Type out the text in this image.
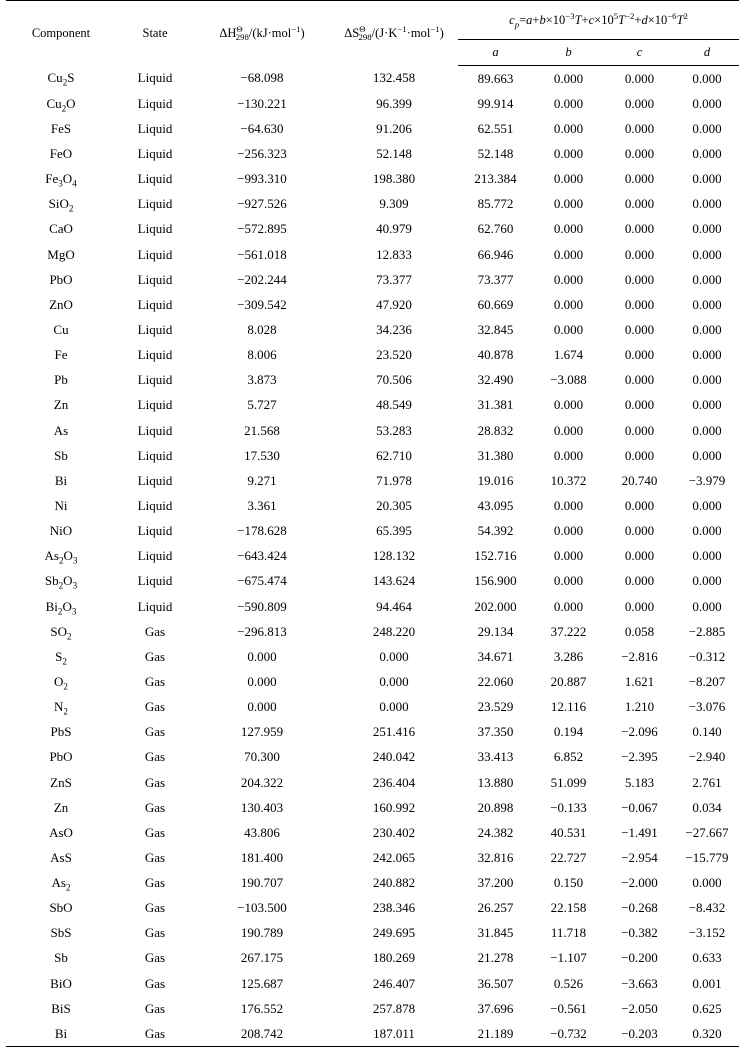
Component	State	$\Delta H^\Theta_{298}/(kJ\cdot mol^{-1})$	$\Delta S^\Theta_{298}/(J\cdot K^{-1}\cdot mol^{-1})$	$c_p=a+b\times 10^{-3}T+c\times 10^5T^{-2}+d\times 10^{-6}T^2$
				a	b	c	d
$Cu_2S$	Liquid	−68.098	132.458	89.663	0.000	0.000	0.000
$Cu_2O$	Liquid	−130.221	96.399	99.914	0.000	0.000	0.000
FeS	Liquid	−64.630	91.206	62.551	0.000	0.000	0.000
FeO	Liquid	−256.323	52.148	52.148	0.000	0.000	0.000
$Fe_3O_4$	Liquid	−993.310	198.380	213.384	0.000	0.000	0.000
SiO$_2$	Liquid	−927.526	9.309	85.772	0.000	0.000	0.000
CaO	Liquid	−572.895	40.979	62.760	0.000	0.000	0.000
MgO	Liquid	−561.018	12.833	66.946	0.000	0.000	0.000
PbO	Liquid	−202.244	73.377	73.377	0.000	0.000	0.000
ZnO	Liquid	−309.542	47.920	60.669	0.000	0.000	0.000
Cu	Liquid	8.028	34.236	32.845	0.000	0.000	0.000
Fe	Liquid	8.006	23.520	40.878	1.674	0.000	0.000
Pb	Liquid	3.873	70.506	32.490	−3.088	0.000	0.000
Zn	Liquid	5.727	48.549	31.381	0.000	0.000	0.000
As	Liquid	21.568	53.283	28.832	0.000	0.000	0.000
Sb	Liquid	17.530	62.710	31.380	0.000	0.000	0.000
Bi	Liquid	9.271	71.978	19.016	10.372	20.740	−3.979
Ni	Liquid	3.361	20.305	43.095	0.000	0.000	0.000
NiO	Liquid	−178.628	65.395	54.392	0.000	0.000	0.000
$As_2O_3$	Liquid	−643.424	128.132	152.716	0.000	0.000	0.000
$Sb_2O_3$	Liquid	−675.474	143.624	156.900	0.000	0.000	0.000
$Bi_2O_3$	Liquid	−590.809	94.464	202.000	0.000	0.000	0.000
$SO_2$	Gas	−296.813	248.220	29.134	37.222	0.058	−2.885
$S_2$	Gas	0.000	0.000	34.671	3.286	−2.816	−0.312
$O_2$	Gas	0.000	0.000	22.060	20.887	1.621	−8.207
$N_2$	Gas	0.000	0.000	23.529	12.116	1.210	−3.076
PbS	Gas	127.959	251.416	37.350	0.194	−2.096	0.140
PbO	Gas	70.300	240.042	33.413	6.852	−2.395	−2.940
ZnS	Gas	204.322	236.404	13.880	51.099	5.183	2.761
Zn	Gas	130.403	160.992	20.898	−0.133	−0.067	0.034
AsO	Gas	43.806	230.402	24.382	40.531	−1.491	−27.667
AsS	Gas	181.400	242.065	32.816	22.727	−2.954	−15.779
$As_2$	Gas	190.707	240.882	37.200	0.150	−2.000	0.000
SbO	Gas	−103.500	238.346	26.257	22.158	−0.268	−8.432
SbS	Gas	190.789	249.695	31.845	11.718	−0.382	−3.152
Sb	Gas	267.175	180.269	21.278	−1.107	−0.200	0.633
BiO	Gas	125.687	246.407	36.507	0.526	−3.663	0.001
BiS	Gas	176.552	257.878	37.696	−0.561	−2.050	0.625
Bi	Gas	208.742	187.011	21.189	−0.732	−0.203	0.320
